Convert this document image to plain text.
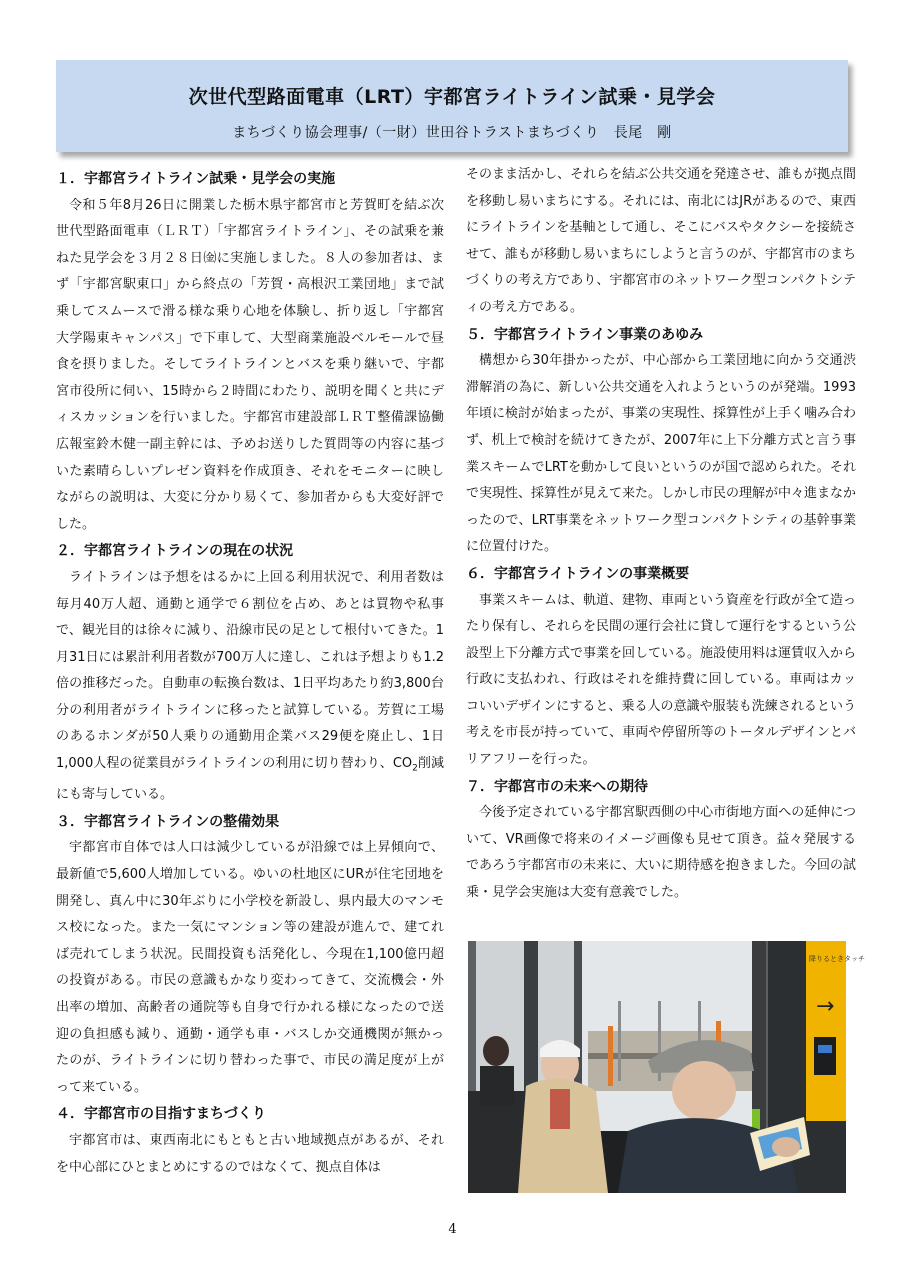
次世代型路面電車（LRT）宇都宮ライトライン試乗・見学会
まちづくり協会理事/（一財）世田谷トラストまちづくり　長尾　剛
１．宇都宮ライトライン試乗・見学会の実施

令和５年8月26日に開業した栃木県宇都宮市と芳賀町を結ぶ次世代型路面電車（ＬＲＴ）「宇都宮ライトライン」、その試乗を兼ねた見学会を３月２８日㈮に実施しました。８人の参加者は、まず「宇都宮駅東口」から終点の「芳賀・高根沢工業団地」まで試乗してスムースで滑る様な乗り心地を体験し、折り返し「宇都宮大学陽東キャンパス」で下車して、大型商業施設ベルモールで昼食を摂りました。そしてライトラインとバスを乗り継いで、宇都宮市役所に伺い、15時から２時間にわたり、説明を聞くと共にディスカッションを行いました。宇都宮市建設部ＬＲＴ整備課協働広報室鈴木健一副主幹には、予めお送りした質問等の内容に基づいた素晴らしいプレゼン資料を作成頂き、それをモニターに映しながらの説明は、大変に分かり易くて、参加者からも大変好評でした。

２．宇都宮ライトラインの現在の状況

ライトラインは予想をはるかに上回る利用状況で、利用者数は毎月40万人超、通勤と通学で６割位を占め、あとは買物や私事で、観光目的は徐々に減り、沿線市民の足として根付いてきた。1月31日には累計利用者数が700万人に達し、これは予想よりも1.2倍の推移だった。自動車の転換台数は、1日平均あたり約3,800台分の利用者がライトラインに移ったと試算している。芳賀に工場のあるホンダが50人乗りの通勤用企業バス29便を廃止し、1日1,000人程の従業員がライトラインの利用に切り替わり、$CO_2$削減にも寄与している。

３．宇都宮ライトラインの整備効果

宇都宮市自体では人口は減少しているが沿線では上昇傾向で、最新値で5,600人増加している。ゆいの杜地区にURが住宅団地を開発し、真ん中に30年ぶりに小学校を新設し、県内最大のマンモス校になった。また一気にマンション等の建設が進んで、建てれば売れてしまう状況。民間投資も活発化し、今現在1,100億円超の投資がある。市民の意識もかなり変わってきて、交流機会・外出率の増加、高齢者の通院等も自身で行かれる様になったので送迎の負担感も減り、通勤・通学も車・バスしか交通機関が無かったのが、ライトラインに切り替わった事で、市民の満足度が上がって来ている。

４．宇都宮市の目指すまちづくり

宇都宮市は、東西南北にもともと古い地域拠点があるが、それを中心部にひとまとめにするのではなくて、拠点自体は

そのまま活かし、それらを結ぶ公共交通を発達させ、誰もが拠点間を移動し易いまちにする。それには、南北にはJRがあるので、東西にライトラインを基軸として通し、そこにバスやタクシーを接続させて、誰もが移動し易いまちにしようと言うのが、宇都宮市のまちづくりの考え方であり、宇都宮市のネットワーク型コンパクトシティの考え方である。

５．宇都宮ライトライン事業のあゆみ

構想から30年掛かったが、中心部から工業団地に向かう交通渋滞解消の為に、新しい公共交通を入れようというのが発端。1993年頃に検討が始まったが、事業の実現性、採算性が上手く噛み合わず、机上で検討を続けてきたが、2007年に上下分離方式と言う事業スキームでLRTを動かして良いというのが国で認められた。それで実現性、採算性が見えて来た。しかし市民の理解が中々進まなかったので、LRT事業をネットワーク型コンパクトシティの基幹事業に位置付けた。

６．宇都宮ライトラインの事業概要

事業スキームは、軌道、建物、車両という資産を行政が全て造ったり保有し、それらを民間の運行会社に貸して運行をするという公設型上下分離方式で事業を回している。施設使用料は運賃収入から行政に支払われ、行政はそれを維持費に回している。車両はカッコいいデザインにすると、乗る人の意識や服装も洗練されるという考えを市長が持っていて、車両や停留所等のトータルデザインとバリアフリーを行った。

７．宇都宮市の未来への期待

今後予定されている宇都宮駅西側の中心市街地方面への延伸について、VR画像で将来のイメージ画像も見せて頂き。益々発展するであろう宇都宮市の未来に、大いに期待感を抱きました。今回の試乗・見学会実施は大変有意義でした。

降りるときタッチ
→
4
